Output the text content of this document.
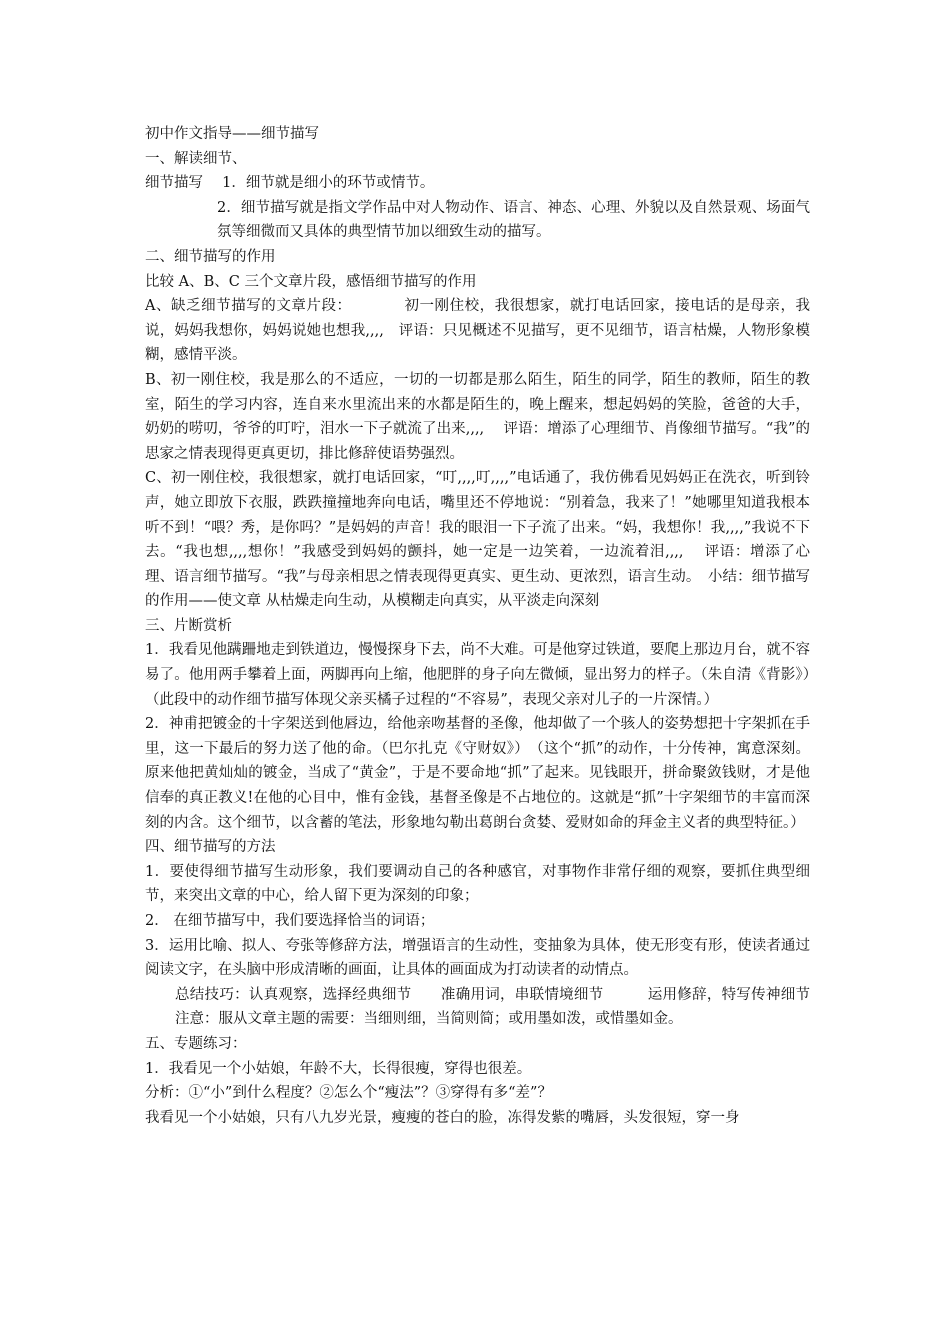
初中作文指导——细节描写

一、解读细节、

细节描写　 1．细节就是细小的环节或情节。

2．细节描写就是指文学作品中对人物动作、语言、神态、心理、外貌以及自然景观、场面气氛等细微而又具体的典型情节加以细致生动的描写。

二、细节描写的作用

比较 A、B、C 三个文章片段，感悟细节描写的作用

A、缺乏细节描写的文章片段：　　　　初一刚住校，我很想家，就打电话回家，接电话的是母亲，我说，妈妈我想你，妈妈说她也想我,,,,　评语：只见概述不见描写，更不见细节，语言枯燥，人物形象模糊，感情平淡。

B、初一刚住校，我是那么的不适应，一切的一切都是那么陌生，陌生的同学，陌生的教师，陌生的教室，陌生的学习内容，连自来水里流出来的水都是陌生的，晚上醒来，想起妈妈的笑脸，爸爸的大手，奶奶的唠叨，爷爷的叮咛，泪水一下子就流了出来,,,,　 评语：增添了心理细节、肖像细节描写。“我”的思家之情表现得更真更切，排比修辞使语势强烈。

C、初一刚住校，我很想家，就打电话回家，“叮,,,,叮,,,,”电话通了，我仿佛看见妈妈正在洗衣，听到铃声，她立即放下衣服，跌跌撞撞地奔向电话，嘴里还不停地说：“别着急，我来了！”她哪里知道我根本听不到！“喂？秀，是你吗？”是妈妈的声音！我的眼泪一下子流了出来。“妈，我想你！我,,,,”我说不下去。“我也想,,,,想你！”我感受到妈妈的颤抖，她一定是一边笑着，一边流着泪,,,,　 评语：增添了心理、语言细节描写。“我”与母亲相思之情表现得更真实、更生动、更浓烈，语言生动。　小结：细节描写的作用——使文章 从枯燥走向生动，从模糊走向真实，从平淡走向深刻

三、片断赏析

1．我看见他蹒跚地走到铁道边，慢慢探身下去，尚不大难。可是他穿过铁道，要爬上那边月台，就不容易了。他用两手攀着上面，两脚再向上缩，他肥胖的身子向左微倾，显出努力的样子。（朱自清《背影》）　（此段中的动作细节描写体现父亲买橘子过程的“不容易”，表现父亲对儿子的一片深情。）

2．神甫把镀金的十字架送到他唇边，给他亲吻基督的圣像，他却做了一个骇人的姿势想把十字架抓在手里，这一下最后的努力送了他的命。（巴尔扎克《守财奴》）　（这个“抓”的动作，十分传神，寓意深刻。原来他把黄灿灿的镀金，当成了“黄金”，于是不要命地“抓”了起来。见钱眼开，拼命聚敛钱财，才是他信奉的真正教义!在他的心目中，惟有金钱，基督圣像是不占地位的。这就是“抓”十字架细节的丰富而深刻的内含。这个细节，以含蓄的笔法，形象地勾勒出葛朗台贪婪、爱财如命的拜金主义者的典型特征。）

四、细节描写的方法

1．要使得细节描写生动形象，我们要调动自己的各种感官，对事物作非常仔细的观察，要抓住典型细节，来突出文章的中心，给人留下更为深刻的印象；

2． 在细节描写中，我们要选择恰当的词语；

3．运用比喻、拟人、夸张等修辞方法，增强语言的生动性，变抽象为具体，使无形变有形，使读者通过阅读文字，在头脑中形成清晰的画面，让具体的画面成为打动读者的动情点。

总结技巧：认真观察，选择经典细节　　准确用词，串联情境细节　　　运用修辞，特写传神细节　注意：服从文章主题的需要：当细则细，当简则简；或用墨如泼，或惜墨如金。

五、专题练习：

1．我看见一个小姑娘，年龄不大，长得很瘦，穿得也很差。

分析：①“小”到什么程度？②怎么个“瘦法”？③穿得有多“差”？

我看见一个小姑娘，只有八九岁光景，瘦瘦的苍白的脸，冻得发紫的嘴唇，头发很短，穿一身
